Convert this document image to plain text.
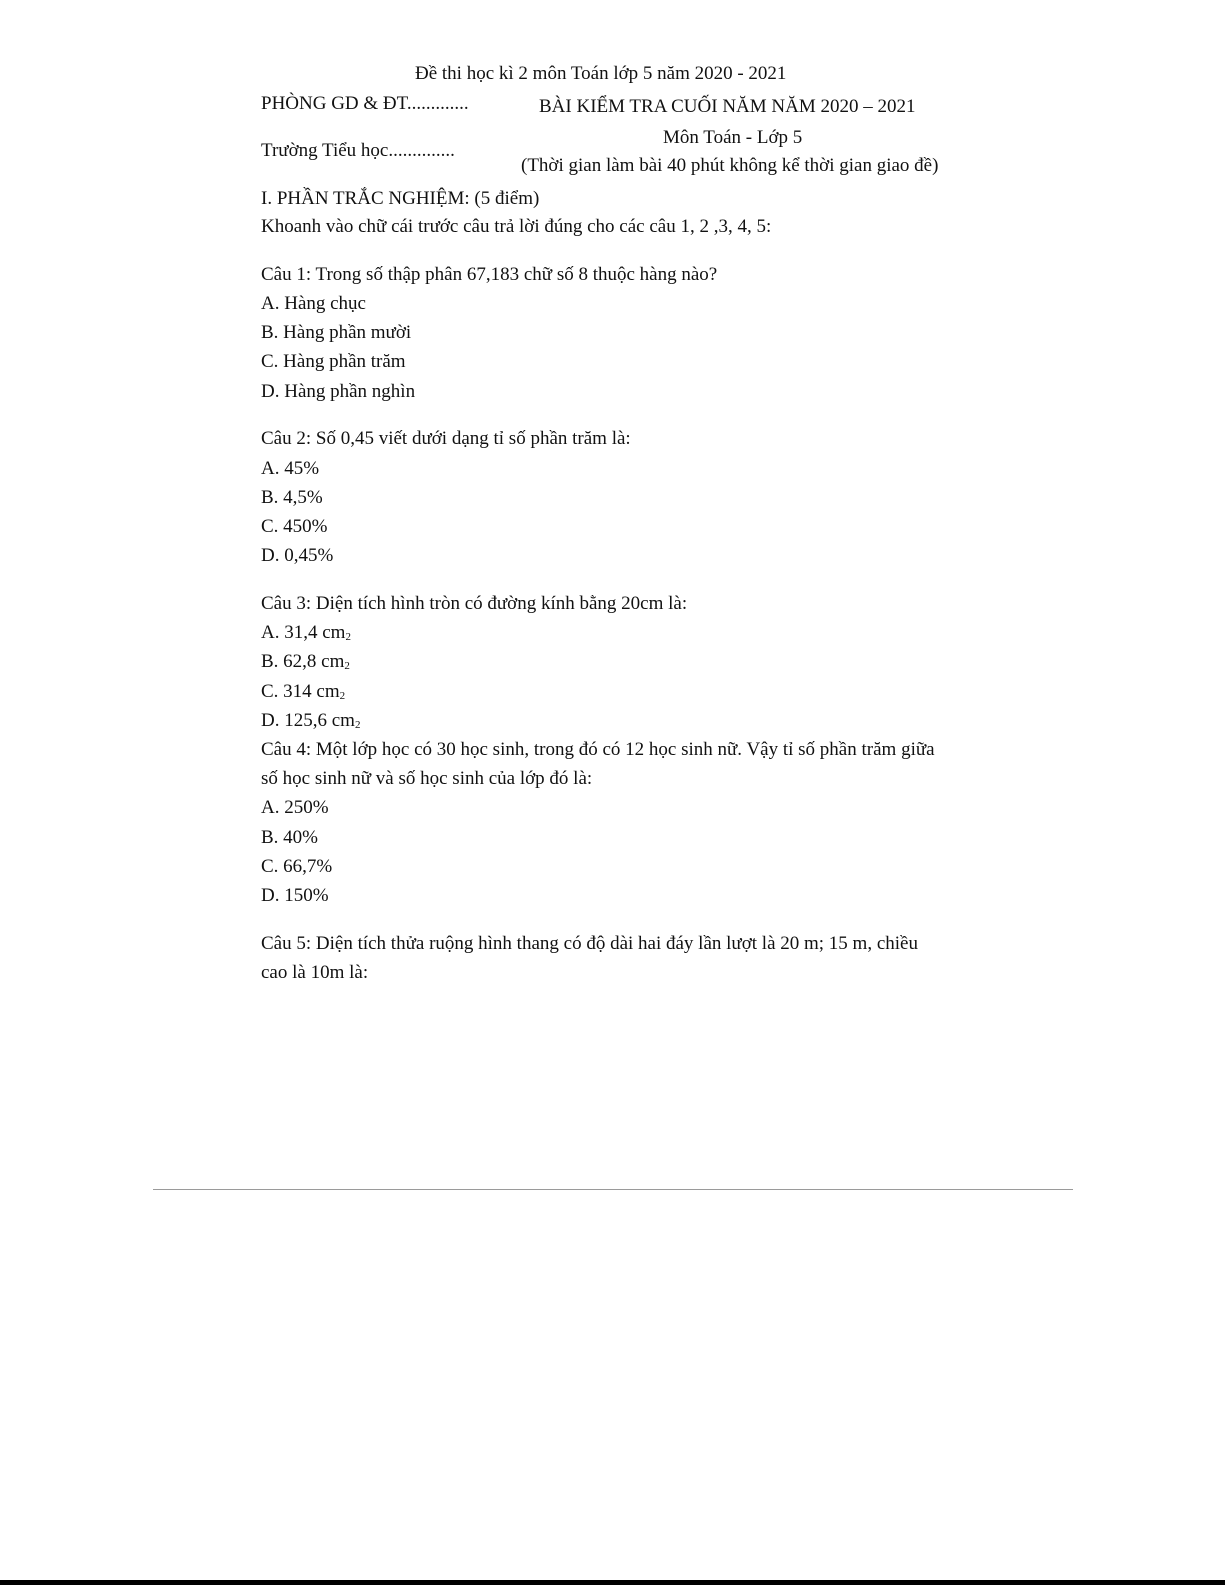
Đề thi học kì 2 môn Toán lớp 5 năm 2020 - 2021
PHÒNG GD & ĐT.............	BÀI KIỂM TRA CUỐI NĂM NĂM 2020 – 2021
Môn Toán - Lớp 5
Trường Tiểu học..............
(Thời gian làm bài 40 phút không kể thời gian giao đề)
I. PHẦN TRẮC NGHIỆM: (5 điểm)
Khoanh vào chữ cái trước câu trả lời đúng cho các câu 1, 2 ,3, 4, 5:
Câu 1: Trong số thập phân 67,183 chữ số 8 thuộc hàng nào?
A. Hàng chục
B. Hàng phần mười
C. Hàng phần trăm
D. Hàng phần nghìn
Câu 2: Số 0,45 viết dưới dạng tỉ số phần trăm là:
A. 45%
B. 4,5%
C. 450%
D. 0,45%
Câu 3: Diện tích hình tròn có đường kính bằng 20cm là:
A. 31,4 $cm_2$
B. 62,8 $cm_2$
C. 314 $cm_2$
D. 125,6 $cm_2$
Câu 4: Một lớp học có 30 học sinh, trong đó có 12 học sinh nữ. Vậy tỉ số phần trăm giữa
số học sinh nữ và số học sinh của lớp đó là:
A. 250%
B. 40%
C. 66,7%
D. 150%
Câu 5: Diện tích thửa ruộng hình thang có độ dài hai đáy lần lượt là 20 m; 15 m, chiều
cao là 10m là:
